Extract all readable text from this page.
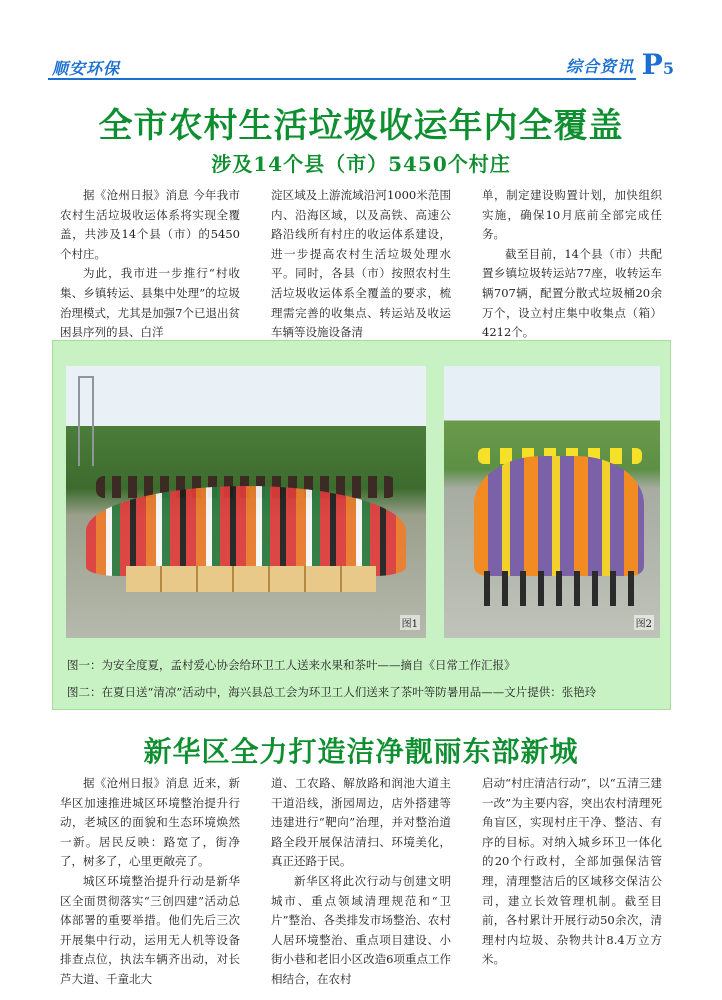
顺安环保	综合资讯 P5
全市农村生活垃圾收运年内全覆盖
涉及14个县（市）5450个村庄

据《沧州日报》消息 今年我市农村生活垃圾收运体系将实现全覆盖，共涉及14个县（市）的5450个村庄。

为此，我市进一步推行“村收集、乡镇转运、县集中处理”的垃圾治理模式，尤其是加强7个已退出贫困县序列的县、白洋

淀区域及上游流域沿河1000米范围内、沿海区域，以及高铁、高速公路沿线所有村庄的收运体系建设，进一步提高农村生活垃圾处理水平。同时，各县（市）按照农村生活垃圾收运体系全覆盖的要求，梳理需完善的收集点、转运站及收运车辆等设施设备清

单，制定建设购置计划，加快组织实施，确保10月底前全部完成任务。

截至目前，14个县（市）共配置乡镇垃圾转运站77座，收转运车辆707辆，配置分散式垃圾桶20余万个，设立村庄集中收集点（箱）4212个。

图1	图2
图一：为安全度夏，孟村爱心协会给环卫工人送来水果和茶叶——摘自《日常工作汇报》
图二：在夏日送“清凉”活动中，海兴县总工会为环卫工人们送来了茶叶等防暑用品——文片提供：张艳玲
新华区全力打造洁净靓丽东部新城

据《沧州日报》消息 近来，新华区加速推进城区环境整治提升行动，老城区的面貌和生态环境焕然一新。居民反映：路宽了，街净了，树多了，心里更敞亮了。

城区环境整治提升行动是新华区全面贯彻落实“三创四建”活动总体部署的重要举措。他们先后三次开展集中行动，运用无人机等设备排查点位，执法车辆齐出动，对长芦大道、千童北大

道、工农路、解放路和润池大道主干道沿线，浙园周边，店外搭建等违建进行“靶向”治理，并对整治道路全段开展保洁清扫、环境美化，真正还路于民。

新华区将此次行动与创建文明城市、重点领域清理规范和“卫片”整治、各类排发市场整治、农村人居环境整治、重点项目建设、小街小巷和老旧小区改造6项重点工作相结合，在农村

启动“村庄清洁行动”，以“五清三建一改”为主要内容，突出农村清理死角盲区，实现村庄干净、整洁、有序的目标。对纳入城乡环卫一体化的20个行政村，全部加强保洁管理，清理整洁后的区域移交保洁公司，建立长效管理机制。截至目前，各村累计开展行动50余次，清理村内垃圾、杂物共计8.4万立方米。
